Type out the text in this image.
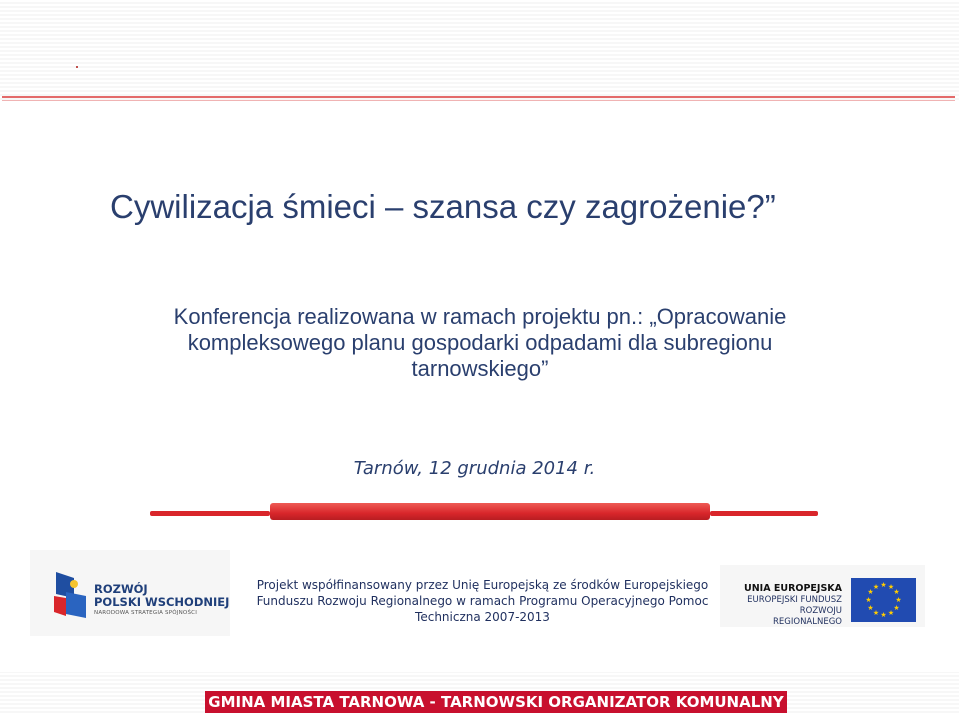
Cywilizacja śmieci – szansa czy zagrożenie?”
Konferencja realizowana w ramach projektu pn.: „Opracowanie
kompleksowego planu gospodarki odpadami dla subregionu
tarnowskiego”
Tarnów, 12 grudnia 2014 r.
ROZWÓJ
POLSKI WSCHODNIEJ
NARODOWA STRATEGIA SPÓJNOŚCI
Projekt współfinansowany przez Unię Europejską ze środków Europejskiego
Funduszu Rozwoju Regionalnego w ramach Programu Operacyjnego Pomoc
Techniczna 2007-2013
UNIA EUROPEJSKA
EUROPEJSKI FUNDUSZ
ROZWOJU REGIONALNEGO
★ ★
★
★
★
★
★
★
★
★
★
★
GMINA MIASTA TARNOWA - TARNOWSKI ORGANIZATOR KOMUNALNY
